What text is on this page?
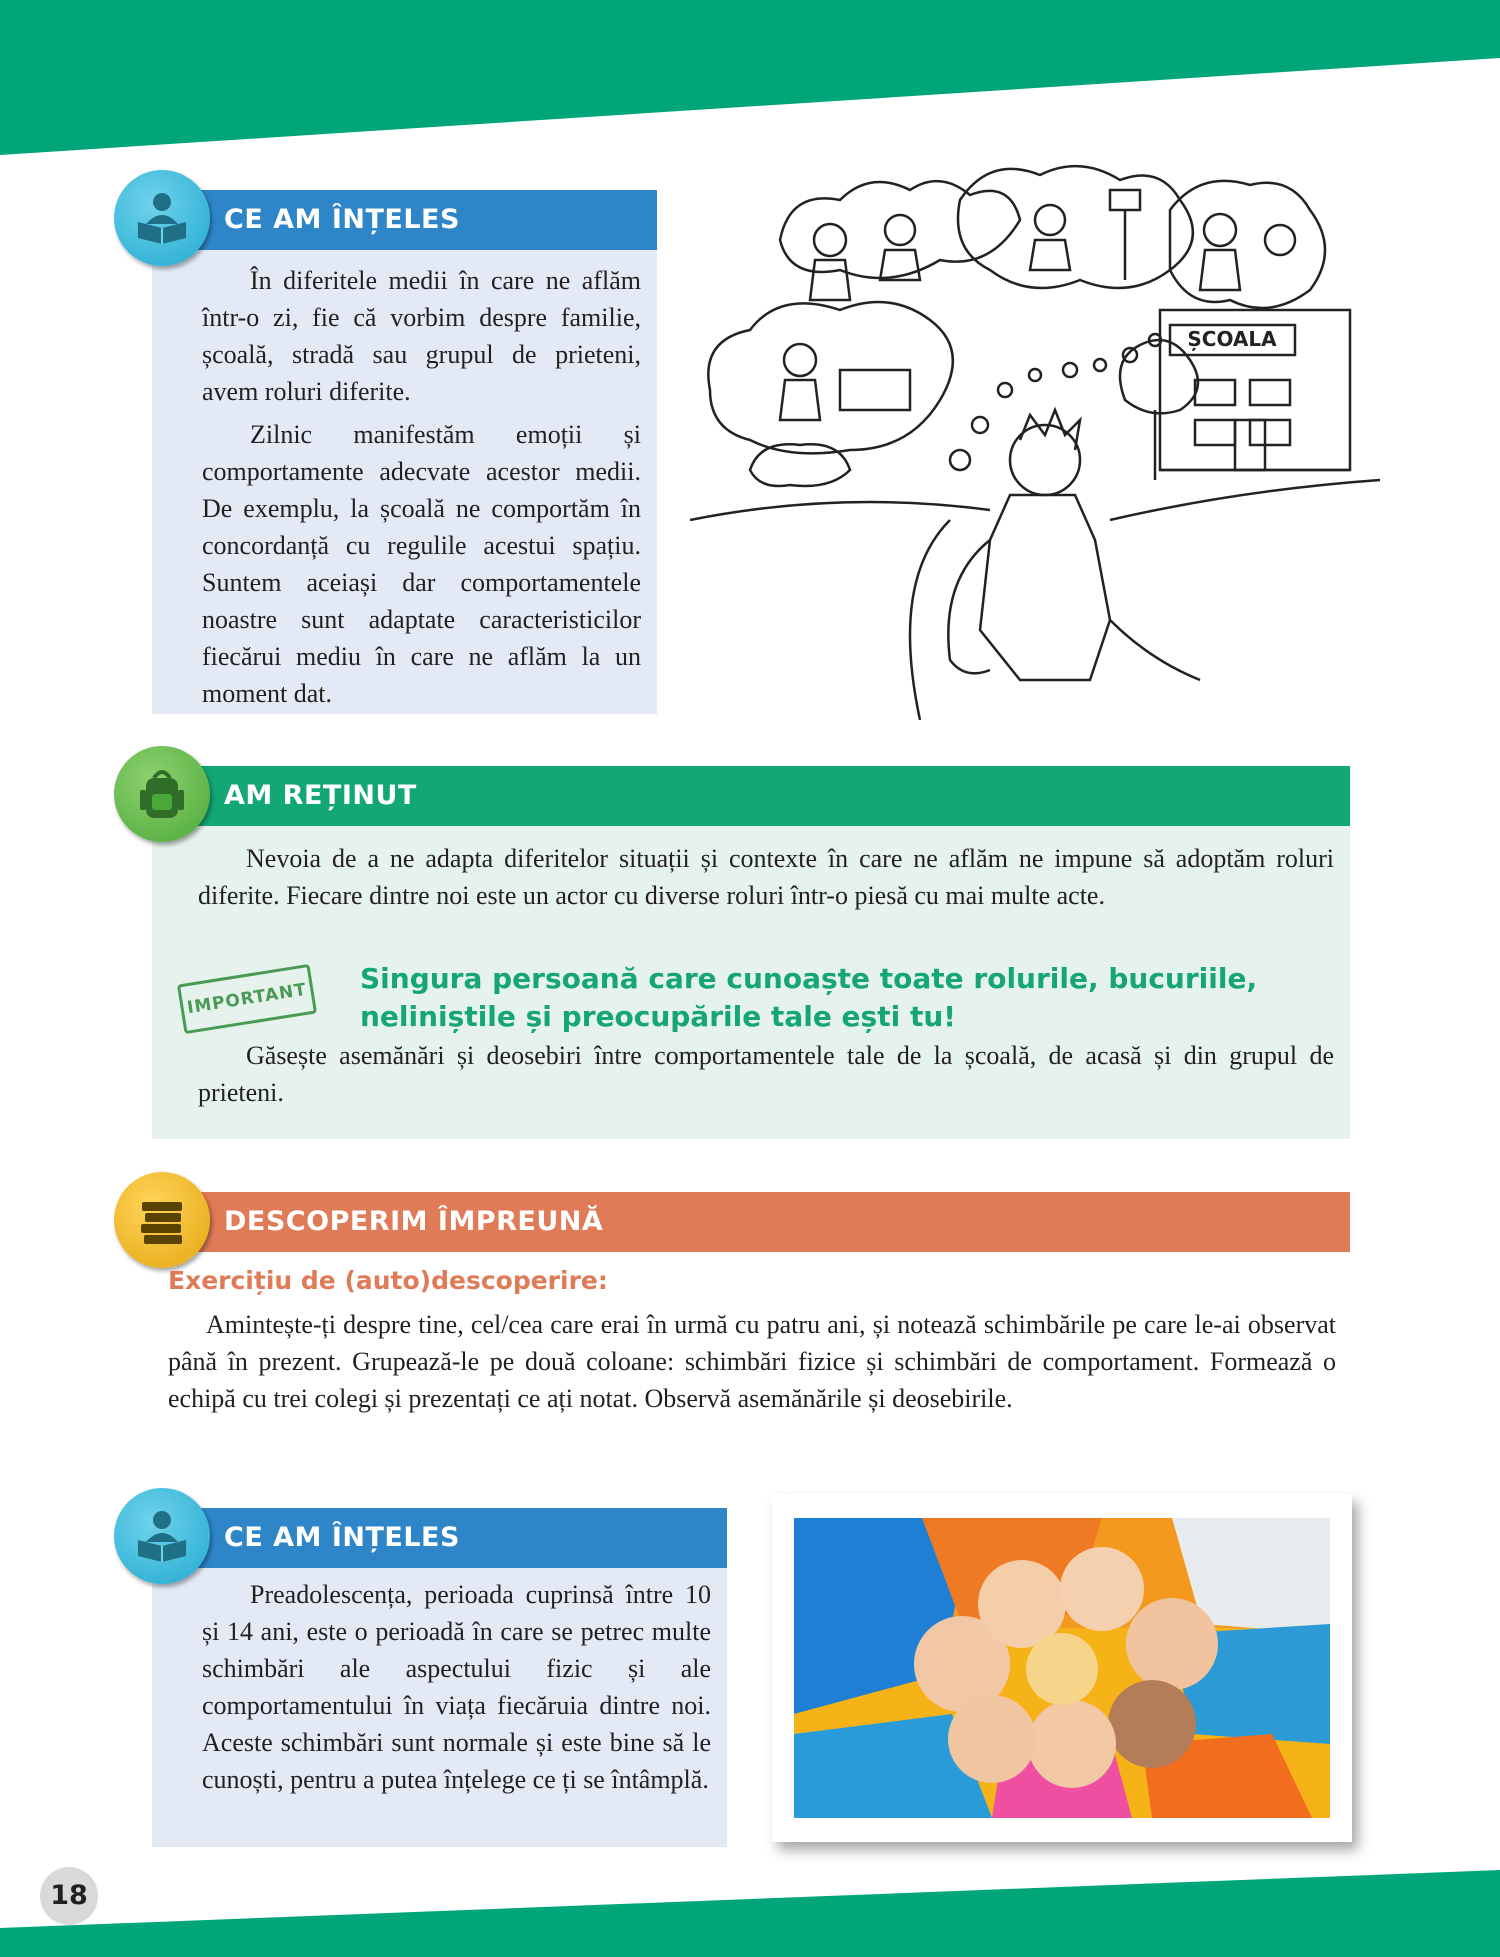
În diferitele medii în care ne aflăm într-o zi, fie că vorbim despre familie, școală, stradă sau grupul de prieteni, avem roluri diferite.

Zilnic manifestăm emoții și comportamente adecvate acestor medii. De exemplu, la școală ne comportăm în concordanță cu regulile acestui spațiu. Suntem aceiași dar comportamentele noastre sunt adaptate caracteristicilor fiecărui mediu în care ne aflăm la un moment dat.

CE AM ÎNȚELES
ȘCOALA

Nevoia de a ne adapta diferitelor situații și contexte în care ne aflăm ne impune să adoptăm roluri diferite. Fiecare dintre noi este un actor cu diverse roluri într-o piesă cu mai multe acte.

Găsește asemănări și deosebiri între comportamentele tale de la școală, de acasă și din grupul de prieteni.

AM REȚINUT
IMPORTANT
Singura persoană care cunoaște toate rolurile, bucuriile,
neliniștile și preocupările tale ești tu!
DESCOPERIM ÎMPREUNĂ
Exercițiu de (auto)descoperire:

Amintește-ți despre tine, cel/cea care erai în urmă cu patru ani, și notează schimbările pe care le-ai observat până în prezent. Grupează-le pe două coloane: schimbări fizice și schimbări de comportament. Formează o echipă cu trei colegi și prezentați ce ați notat. Observă asemănările și deosebirile.

Preadolescența, perioada cuprinsă între 10 și 14 ani, este o perioadă în care se petrec multe schimbări ale aspectului fizic și ale comportamentului în viața fiecăruia dintre noi. Aceste schimbări sunt normale și este bine să le cunoști, pentru a putea înțelege ce ți se întâmplă.

CE AM ÎNȚELES
18
